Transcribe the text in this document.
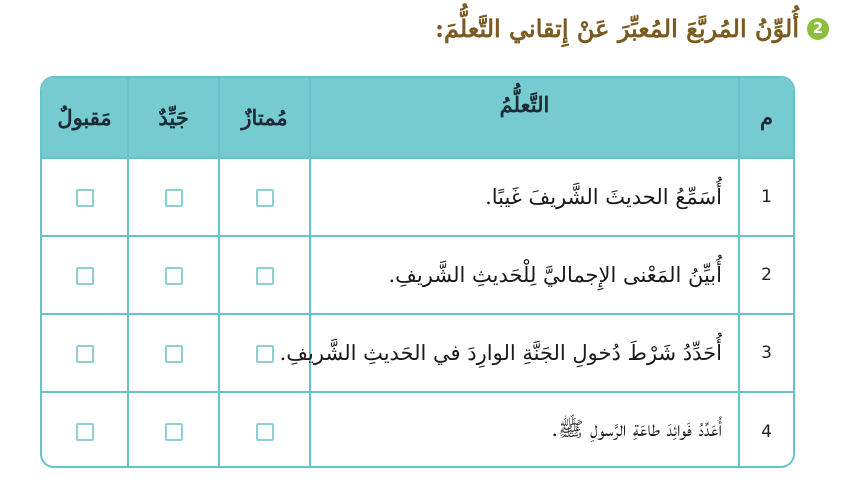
2
أُلوِّنُ المُربَّعَ المُعبِّرَ عَنْ إِتقاني التَّعلُّمَ:
م	التَّعلُّمُ	مُمتازٌ	جَيِّدٌ	مَقبولٌ
1	أُسَمِّعُ الحديثَ الشَّريفَ غَيبًا.			
2	أُبيِّنُ المَعْنى الإِجماليَّ لِلْحَديثِ الشَّريفِ.			
3	أُحَدِّدُ شَرْطَ دُخولِ الجَنَّةِ الوارِدَ في الحَديثِ الشَّريفِ.			
4	أُعَدِّدُ فَوائِدَ طاعَةِ الرَّسولِ ﷺ.			
